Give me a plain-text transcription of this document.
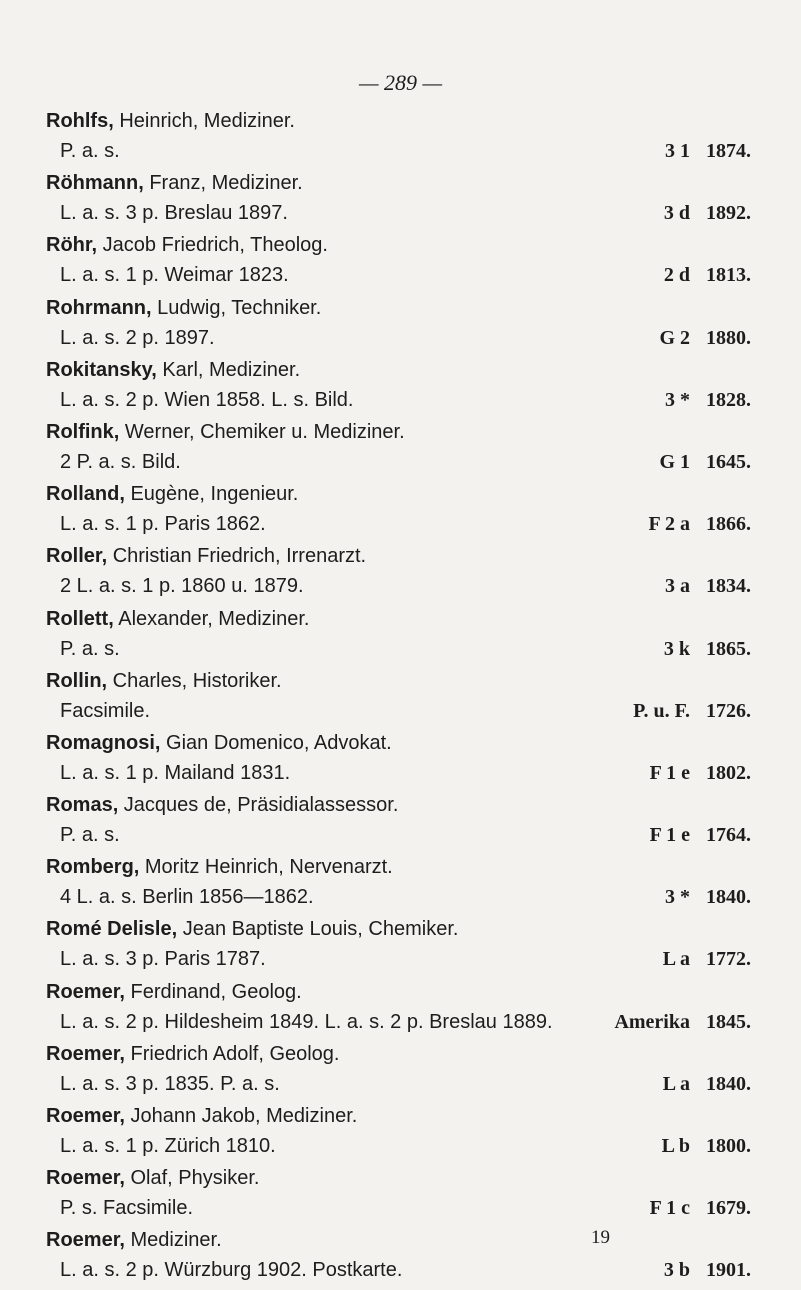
— 289 —
Rohlfs, Heinrich, Mediziner.
P. a. s.	3 1 1874.
Röhmann, Franz, Mediziner.
L. a. s. 3 p. Breslau 1897.	3 d 1892.
Röhr, Jacob Friedrich, Theolog.
L. a. s. 1 p. Weimar 1823.	2 d 1813.
Rohrmann, Ludwig, Techniker.
L. a. s. 2 p. 1897.	G 2 1880.
Rokitansky, Karl, Mediziner.
L. a. s. 2 p. Wien 1858. L. s. Bild.	3 * 1828.
Rolfink, Werner, Chemiker u. Mediziner.
2 P. a. s. Bild.	G 1 1645.
Rolland, Eugène, Ingenieur.
L. a. s. 1 p. Paris 1862.	F 2 a 1866.
Roller, Christian Friedrich, Irrenarzt.
2 L. a. s. 1 p. 1860 u. 1879.	3 a 1834.
Rollett, Alexander, Mediziner.
P. a. s.	3 k 1865.
Rollin, Charles, Historiker.
Facsimile.	P. u. F. 1726.
Romagnosi, Gian Domenico, Advokat.
L. a. s. 1 p. Mailand 1831.	F 1 e 1802.
Romas, Jacques de, Präsidialassessor.
P. a. s.	F 1 e 1764.
Romberg, Moritz Heinrich, Nervenarzt.
4 L. a. s. Berlin 1856—1862.	3 * 1840.
Romé Delisle, Jean Baptiste Louis, Chemiker.
L. a. s. 3 p. Paris 1787.	L a 1772.
Roemer, Ferdinand, Geolog.
L. a. s. 2 p. Hildesheim 1849. L. a. s. 2 p. Breslau 1889.	Amerika 1845.
Roemer, Friedrich Adolf, Geolog.
L. a. s. 3 p. 1835. P. a. s.	L a 1840.
Roemer, Johann Jakob, Mediziner.
L. a. s. 1 p. Zürich 1810.	L b 1800.
Roemer, Olaf, Physiker.
P. s. Facsimile.	F 1 c 1679.
Roemer, Mediziner.
L. a. s. 2 p. Würzburg 1902. Postkarte.	3 b 1901.
19
